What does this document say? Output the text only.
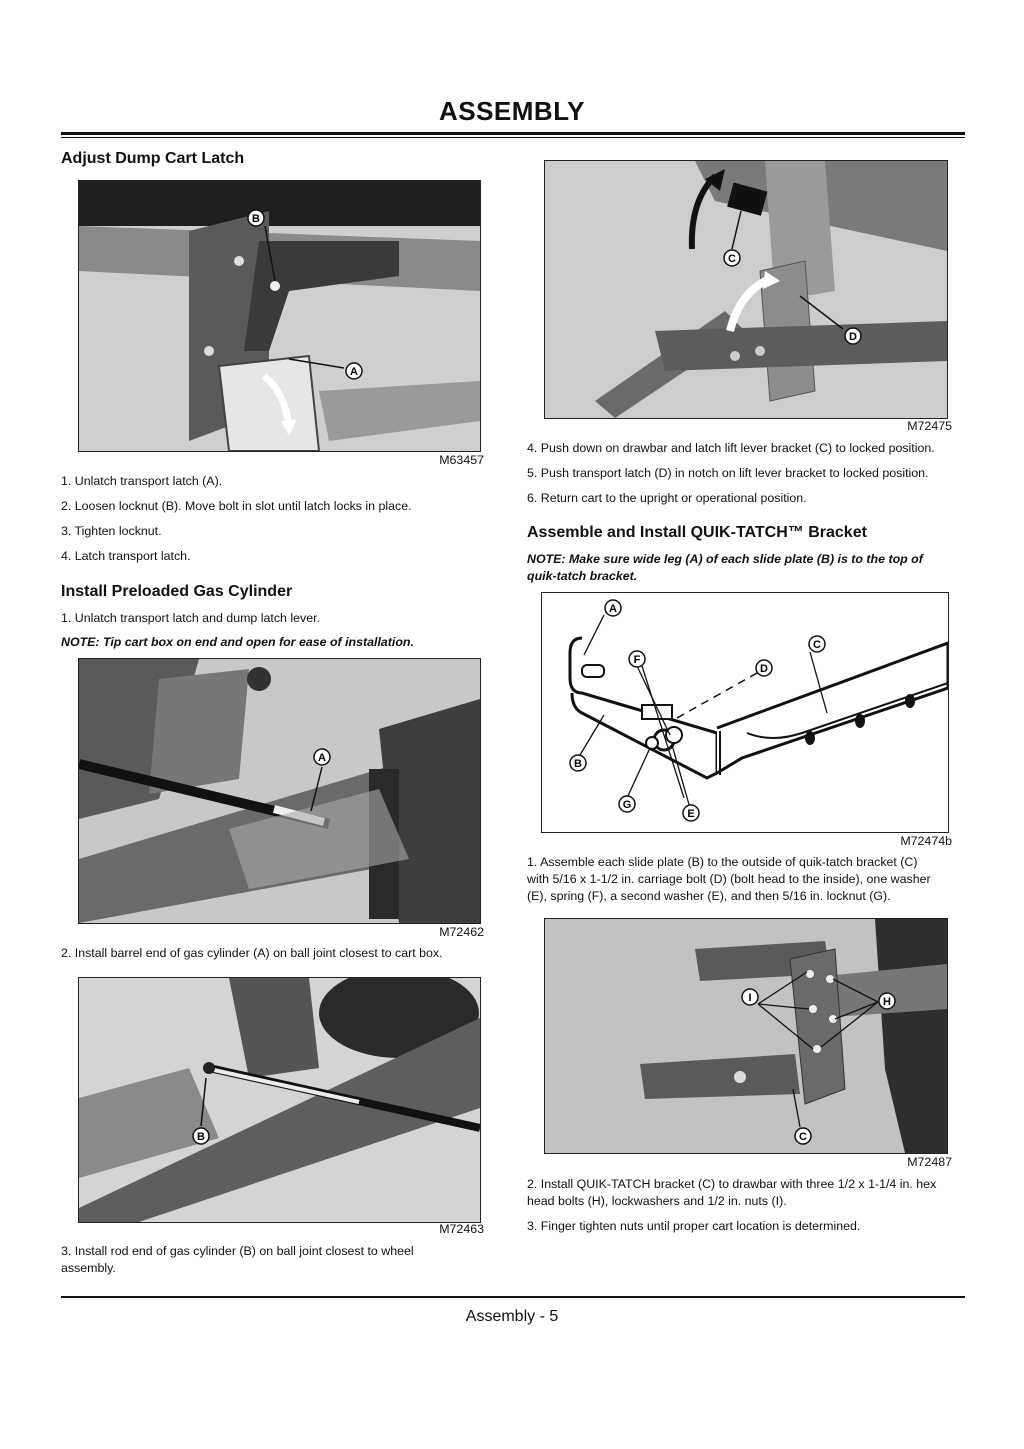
ASSEMBLY
Adjust Dump Cart Latch
B
A
M63457
1. Unlatch transport latch (A).
2. Loosen locknut (B). Move bolt in slot until latch locks in place.
3. Tighten locknut.
4. Latch transport latch.
Install Preloaded Gas Cylinder
1. Unlatch transport latch and dump latch lever.
NOTE: Tip cart box on end and open for ease of installation.
A
M72462
2. Install barrel end of gas cylinder (A) on ball joint closest to cart box.
B
M72463
3. Install rod end of gas cylinder (B) on ball joint closest to wheel
assembly.
C
D
M72475
4. Push down on drawbar and latch lift lever bracket (C) to locked position.
5. Push transport latch (D) in notch on lift lever bracket to locked position.
6. Return cart to the upright or operational position.
Assemble and Install QUIK-TATCH™ Bracket
NOTE: Make sure wide leg (A) of each slide plate (B) is to the top of
quik-tatch bracket.
A
F
D
C
B
G
E
M72474b
1. Assemble each slide plate (B) to the outside of quik-tatch bracket (C)
with 5/16 x 1-1/2 in. carriage bolt (D) (bolt head to the inside), one washer
(E), spring (F), a second washer (E), and then 5/16 in. locknut (G).
I	H
C
M72487
2. Install QUIK-TATCH bracket (C) to drawbar with three 1/2 x 1-1/4 in. hex
head bolts (H), lockwashers and 1/2 in. nuts (I).
3. Finger tighten nuts until proper cart location is determined.
Assembly - 5
